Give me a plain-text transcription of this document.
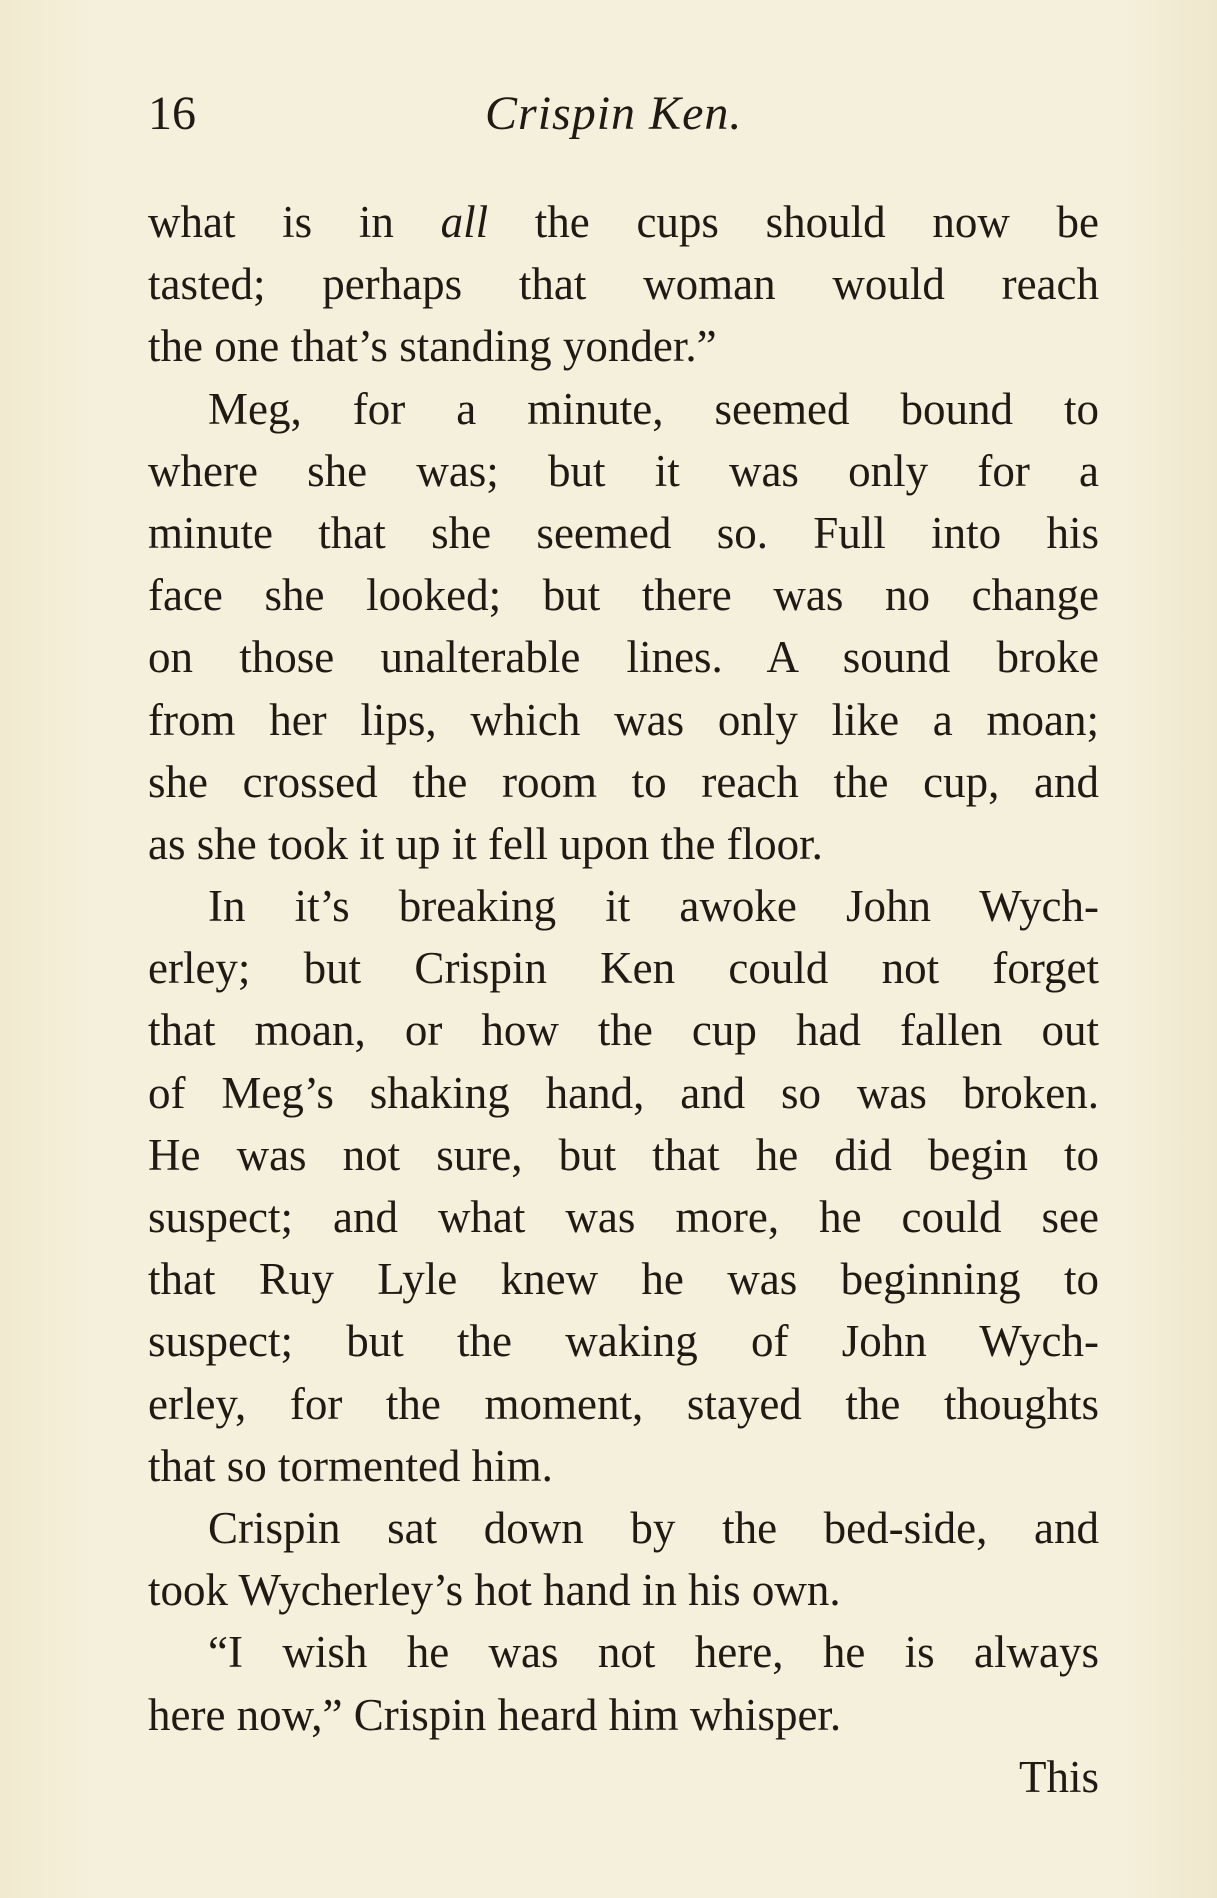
16	Crispin Ken.
what is in all the cups should now be
tasted; perhaps that woman would reach
the one that’s standing yonder.”
Meg, for a minute, seemed bound to
where she was; but it was only for a
minute that she seemed so. Full into his
face she looked; but there was no change
on those unalterable lines. A sound broke
from her lips, which was only like a moan;
she crossed the room to reach the cup, and
as she took it up it fell upon the floor.
In it’s breaking it awoke John Wych-
erley; but Crispin Ken could not forget
that moan, or how the cup had fallen out
of Meg’s shaking hand, and so was broken.
He was not sure, but that he did begin to
suspect; and what was more, he could see
that Ruy Lyle knew he was beginning to
suspect; but the waking of John Wych-
erley, for the moment, stayed the thoughts
that so tormented him.
Crispin sat down by the bed-side, and
took Wycherley’s hot hand in his own.
“I wish he was not here, he is always
here now,” Crispin heard him whisper.
This
